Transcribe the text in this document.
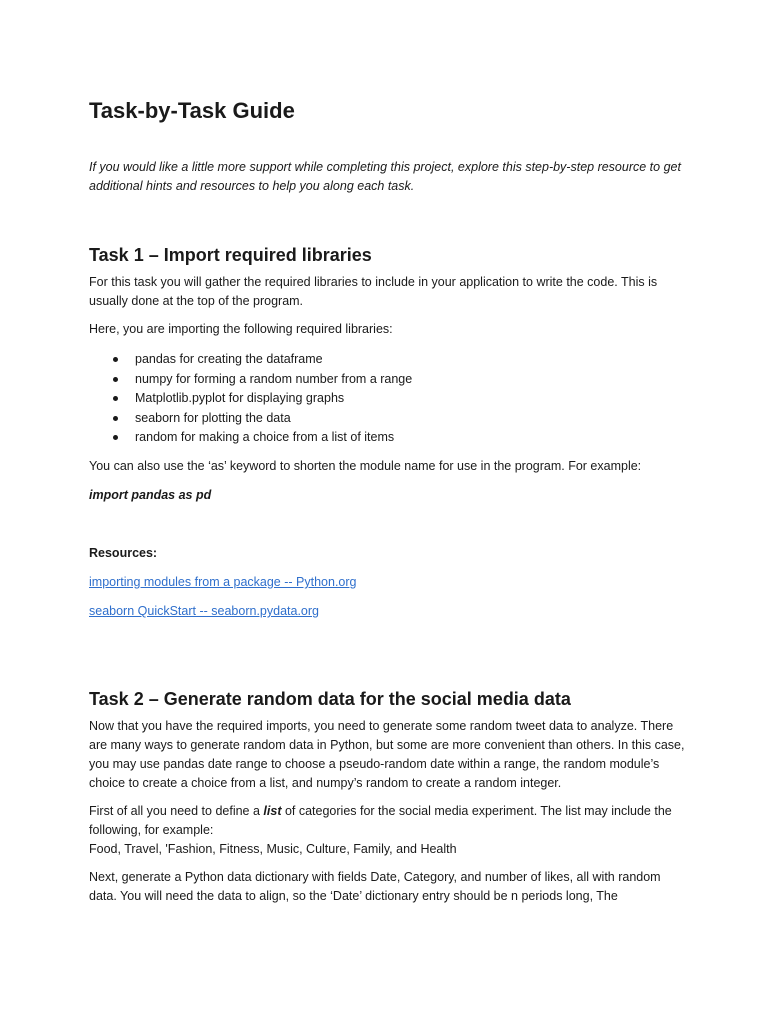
Task-by-Task Guide

If you would like a little more support while completing this project, explore this step-by-step resource to get additional hints and resources to help you along each task.

Task 1 – Import required libraries

For this task you will gather the required libraries to include in your application to write the code. This is usually done at the top of the program.

Here, you are importing the following required libraries:

pandas for creating the dataframe
numpy for forming a random number from a range
Matplotlib.pyplot for displaying graphs
seaborn for plotting the data
random for making a choice from a list of items

You can also use the ‘as’ keyword to shorten the module name for use in the program. For example:

import pandas as pd

Resources:

importing modules from a package -- Python.org

seaborn QuickStart -- seaborn.pydata.org

Task 2 – Generate random data for the social media data

Now that you have the required imports, you need to generate some random tweet data to analyze. There are many ways to generate random data in Python, but some are more convenient than others. In this case, you may use pandas date range to choose a pseudo-random date within a range, the random module’s choice to create a choice from a list, and numpy’s random to create a random integer.

First of all you need to define a list of categories for the social media experiment. The list may include the following, for example:
Food, Travel, 'Fashion, Fitness, Music, Culture, Family, and Health

Next, generate a Python data dictionary with fields Date, Category, and number of likes, all with random data. You will need the data to align, so the ‘Date’ dictionary entry should be n periods long, The
